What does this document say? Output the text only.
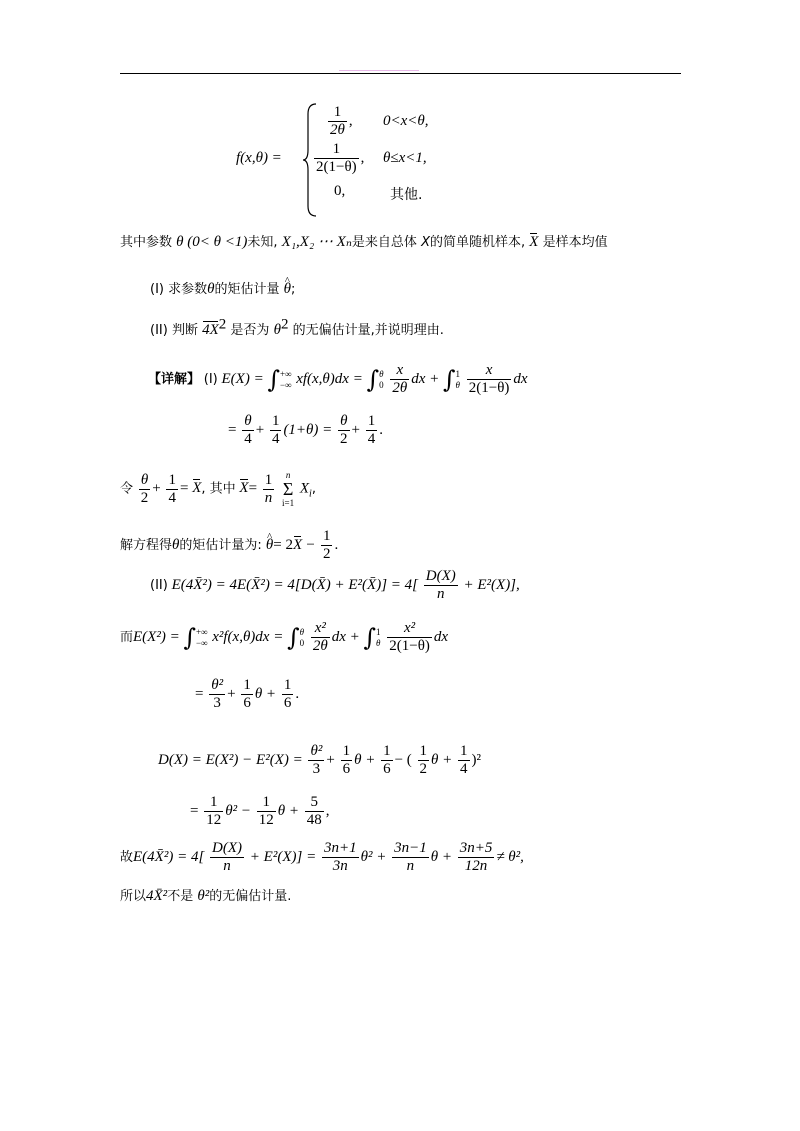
f(x,θ) =
$\frac{1}{2\theta}$ , 0<x<θ,
$\frac{1}{2(1-\theta)}$ , θ≤x<1,
0,	其他.
其中参数 θ (0< θ <1)未知, X₁,X₂ ⋯ Xₙ是来自总体 X的简单随机样本, X 是样本均值
(I) 求参数θ的矩估计量 ^ θ;
(II) 判断 $4X^2$ 是否为 $\theta^2$ 的无偏估计量,并说明理由.
【详解】 (I) E(X) = ∫ +∞
−∞ xf(x,θ)dx = ∫ θ
0
$\frac{x}{2\theta}$ dx + ∫ 1
θ
$\frac{x}{2(1-\theta)}$ dx
= $\frac{\theta}{4} + \frac{1}{4} (1+\theta) = \frac{\theta}{2} + \frac{1}{4}$ .
令 $\frac{\theta}{2} + \frac{1}{4} = X$, 其中 $X= \frac{1}{n}$
n
Σ
i=1
$X_i$,
解方程得θ的矩估计量为: ^ $\theta= 2X - \frac{1}{2}$ .
(II) E(4X̄²) = 4E(X̄²) = 4[D(X̄) + E²(X̄)] = $4[ \frac{D(X)}{n} + E^2(X)]$,
而E(X²) = ∫ +∞
−∞ x²f(x,θ)dx = ∫ θ
0
$\frac{\text{x²}}{2\theta}$ dx + ∫ 1
θ
$\frac{\text{x²}}{2(1-\theta)}$ dx
= $\frac{\text{θ²}}{3} + \frac{1}{6}$ $\theta + \frac{1}{6}$ .
$D(X) = E(X^2) - E^2(X) = \frac{\text{θ²}}{3} + \frac{1}{6}$ $\theta + \frac{1}{6}$ − ( $\frac{1}{2}$ $\theta + \frac{1}{4} )^2$
= $\frac{1}{12} \theta^2 - \frac{1}{12}$ $\theta + \frac{5}{48}$ ,
故E(4X̄²) = $4[ \frac{D(X)}{n} + E^2(X)] = \frac{3n+1}{3n} \theta^2 + \frac{3n-1}{n}$ $\theta + \frac{3n+5}{12n} \ne \theta^2$,
所以4X̄²不是 θ²的无偏估计量.
